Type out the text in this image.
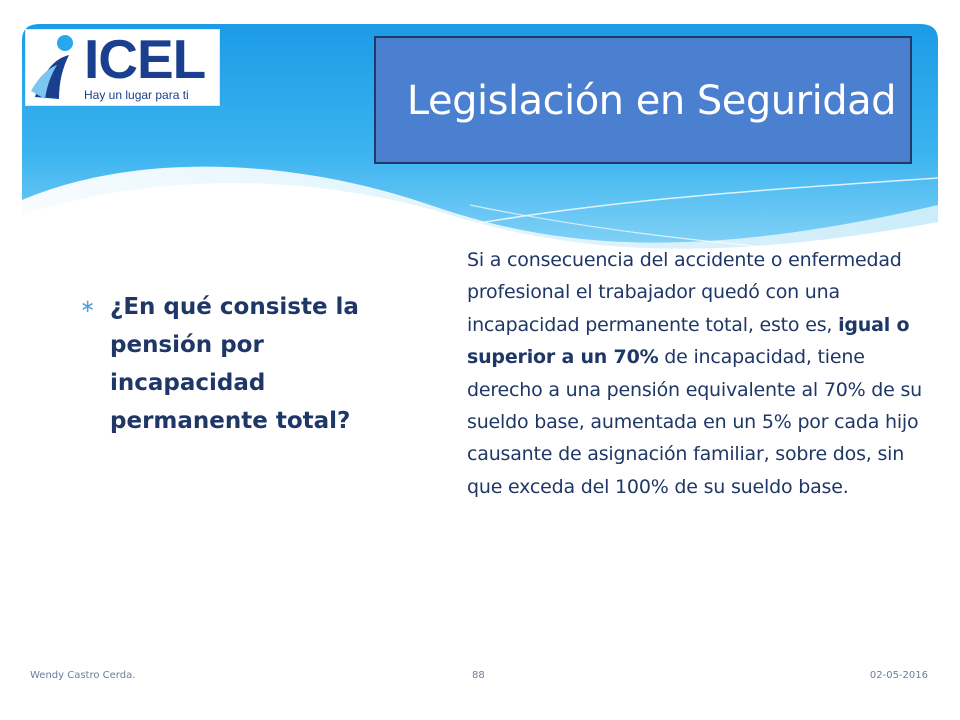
ICEL
Hay un lugar para ti	Legislación en Seguridad
∗ ¿En qué consiste la pensión por incapacidad permanente total?
Si a consecuencia del accidente o enfermedad profesional el trabajador quedó con una incapacidad permanente total, esto es, igual o superior a un 70% de incapacidad, tiene derecho a una pensión equivalente al 70% de su sueldo base, aumentada en un 5% por cada hijo causante de asignación familiar, sobre dos, sin que exceda del 100% de su sueldo base.
Wendy Castro Cerda.	88	02-05-2016
